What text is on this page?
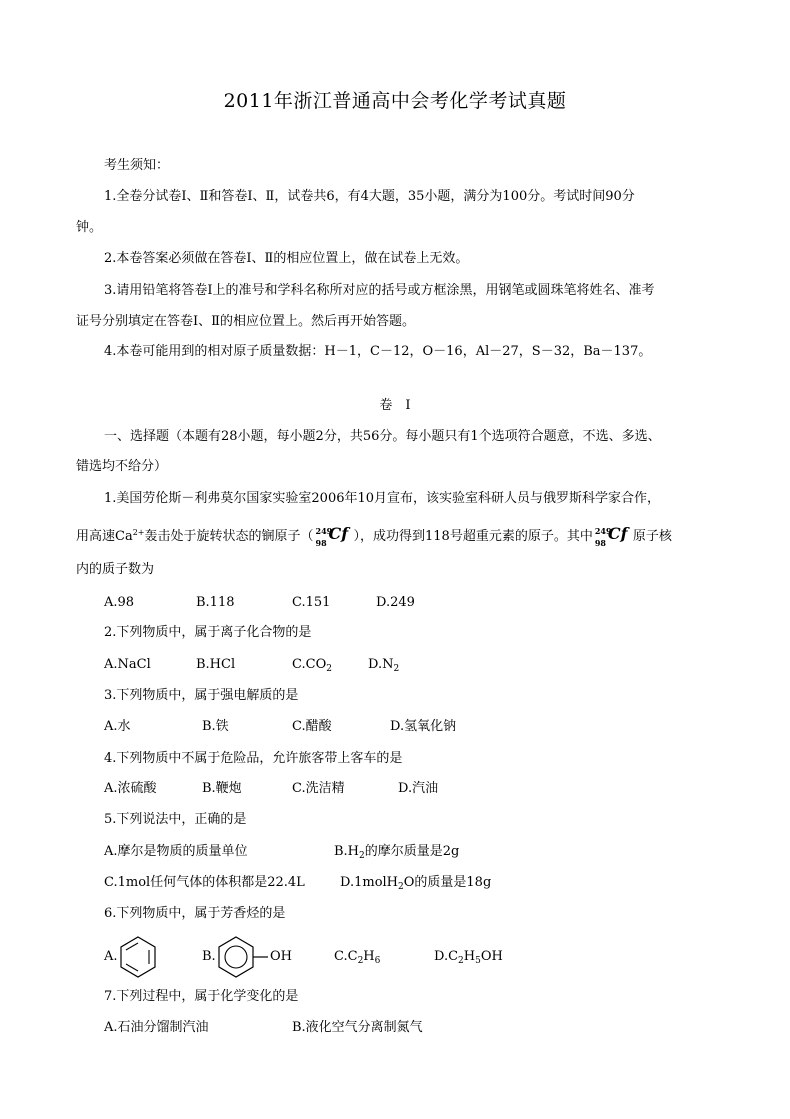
2011年浙江普通高中会考化学考试真题
考生须知：
1.全卷分试卷Ⅰ、Ⅱ和答卷Ⅰ、Ⅱ，试卷共6，有4大题，35小题，满分为100分。考试时间90分
钟。
2.本卷答案必须做在答卷Ⅰ、Ⅱ的相应位置上，做在试卷上无效。
3.请用铅笔将答卷Ⅰ上的准号和学科名称所对应的括号或方框涂黑，用钢笔或圆珠笔将姓名、准考
证号分别填定在答卷Ⅰ、Ⅱ的相应位置上。然后再开始答题。
4.本卷可能用到的相对原子质量数据：H－1，C－12，O－16，Al－27，S－32，Ba－137。
卷　Ⅰ
一、选择题（本题有28小题，每小题2分，共56分。每小题只有1个选项符合题意，不选、多选、
错选均不给分）
1.美国劳伦斯－利弗莫尔国家实验室2006年10月宣布，该实验室科研人员与俄罗斯科学家合作，
用高速$Ca^{2+}$轰击处于旋转状态的锎原子（ 249
98 Cf ），成功得到118号超重元素的原子。其中 249
98 Cf 原子核
内的质子数为
A.98	B.118	C.151	D.249
2.下列物质中，属于离子化合物的是
A.NaCl	B.HCl	$C.CO_2$	$D.N_2$
3.下列物质中，属于强电解质的是
A.水	B.铁	C.醋酸	D.氢氧化钠
4.下列物质中不属于危险品，允许旅客带上客车的是
A.浓硫酸	B.鞭炮	C.洗洁精	D.汽油
5.下列说法中，正确的是
A.摩尔是物质的质量单位	$B.H_2$的摩尔质量是2g
C.1mol任何气体的体积都是22.4L	D.1molH$_2$O的质量是18g
6.下列物质中，属于芳香烃的是
A.	B.	OH	$C.C_2H_6$	$D.C_2H_5OH$
7.下列过程中，属于化学变化的是
A.石油分馏制汽油	B.液化空气分离制氮气
